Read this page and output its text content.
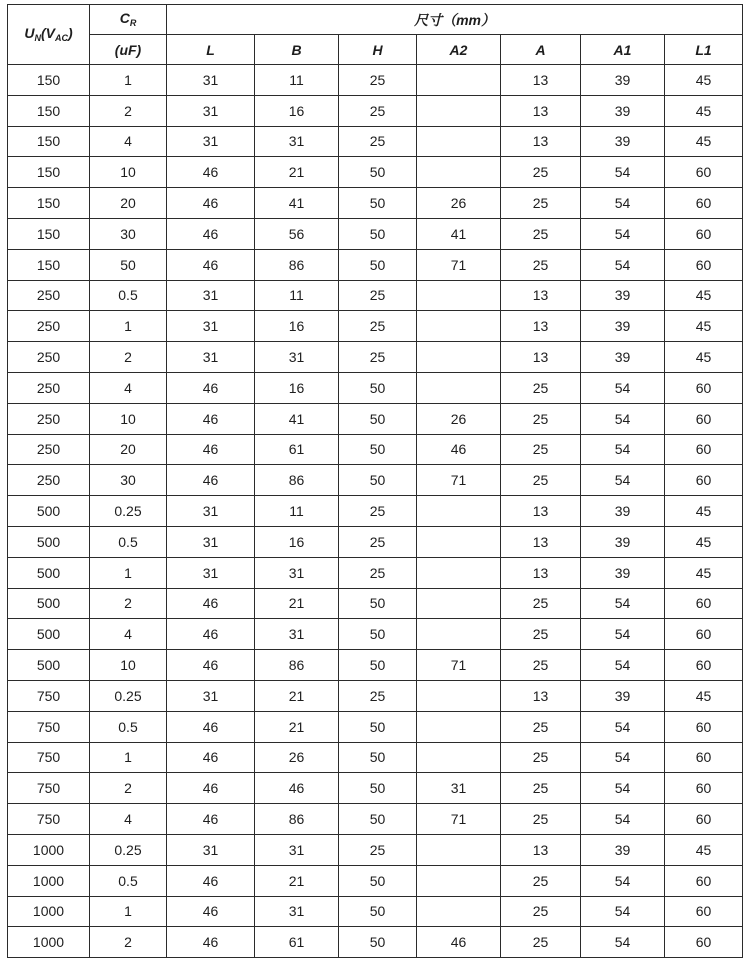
$U_N(V_{AC})$	$C_R$	尺寸（mm）						
	(uF)	L	B	H	A2	A	A1	L1
150	1	31	11	25		13	39	45
150	2	31	16	25		13	39	45
150	4	31	31	25		13	39	45
150	10	46	21	50		25	54	60
150	20	46	41	50	26	25	54	60
150	30	46	56	50	41	25	54	60
150	50	46	86	50	71	25	54	60
250	0.5	31	11	25		13	39	45
250	1	31	16	25		13	39	45
250	2	31	31	25		13	39	45
250	4	46	16	50		25	54	60
250	10	46	41	50	26	25	54	60
250	20	46	61	50	46	25	54	60
250	30	46	86	50	71	25	54	60
500	0.25	31	11	25		13	39	45
500	0.5	31	16	25		13	39	45
500	1	31	31	25		13	39	45
500	2	46	21	50		25	54	60
500	4	46	31	50		25	54	60
500	10	46	86	50	71	25	54	60
750	0.25	31	21	25		13	39	45
750	0.5	46	21	50		25	54	60
750	1	46	26	50		25	54	60
750	2	46	46	50	31	25	54	60
750	4	46	86	50	71	25	54	60
1000	0.25	31	31	25		13	39	45
1000	0.5	46	21	50		25	54	60
1000	1	46	31	50		25	54	60
1000	2	46	61	50	46	25	54	60
